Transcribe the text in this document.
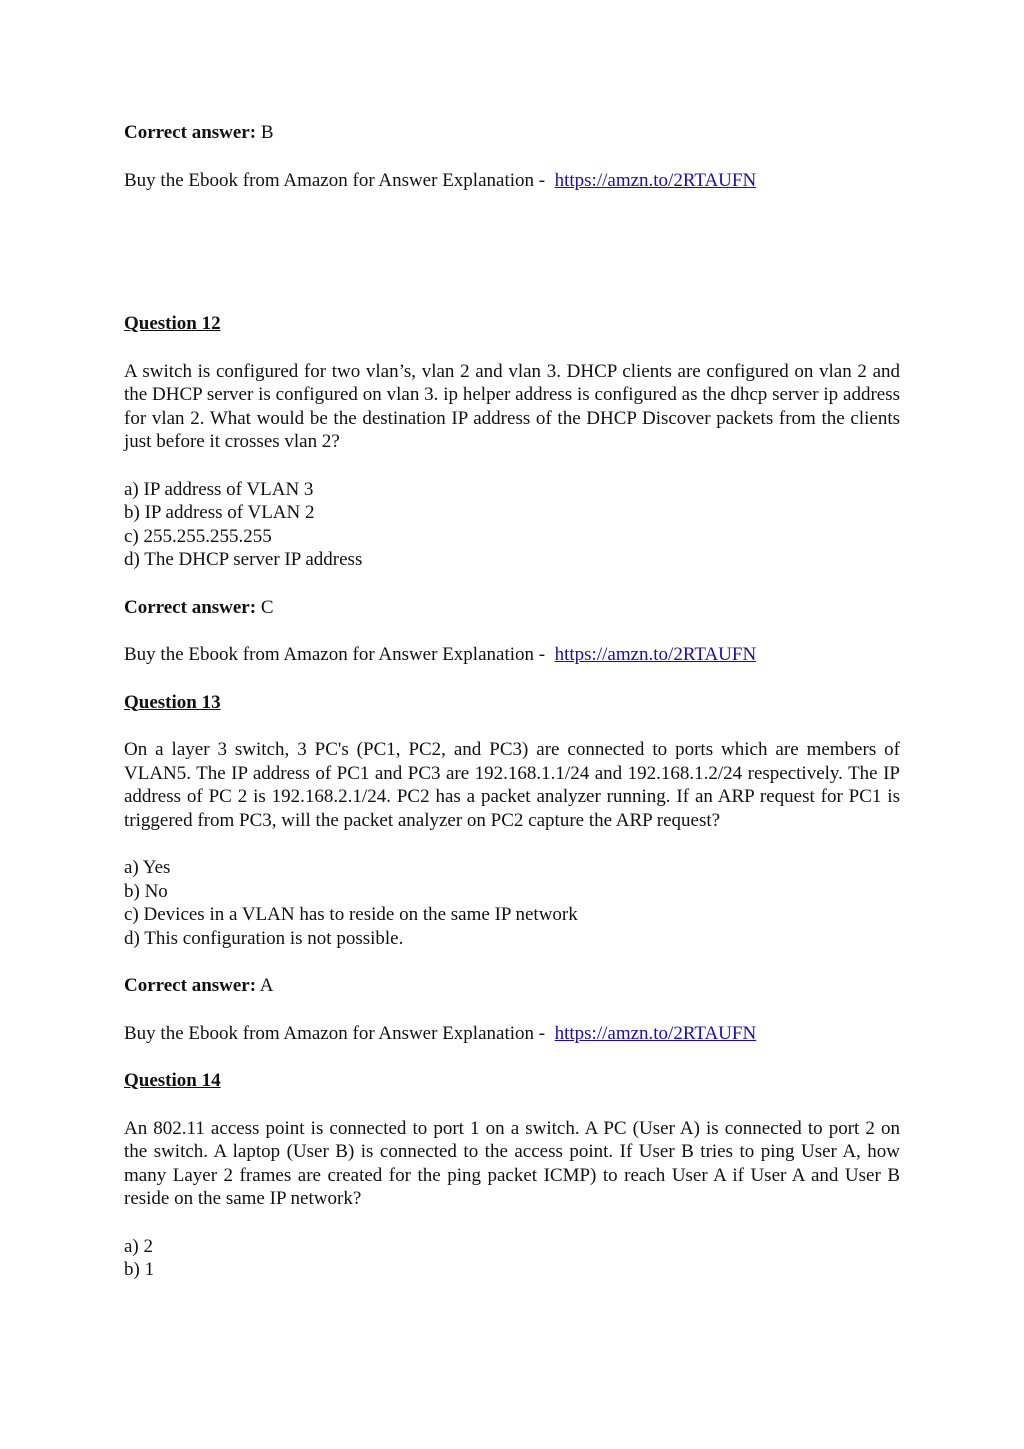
Correct answer: B

Buy the Ebook from Amazon for Answer Explanation - https://amzn.to/2RTAUFN

Question 12

A switch is configured for two vlan’s, vlan 2 and vlan 3. DHCP clients are configured on vlan 2 and the DHCP server is configured on vlan 3. ip helper address is configured as the dhcp server ip address for vlan 2. What would be the destination IP address of the DHCP Discover packets from the clients just before it crosses vlan 2?

a) IP address of VLAN 3

b) IP address of VLAN 2

c) 255.255.255.255

d) The DHCP server IP address

Correct answer: C

Buy the Ebook from Amazon for Answer Explanation - https://amzn.to/2RTAUFN

Question 13

On a layer 3 switch, 3 PC's (PC1, PC2, and PC3) are connected to ports which are members of VLAN5. The IP address of PC1 and PC3 are 192.168.1.1/24 and 192.168.1.2/24 respectively. The IP address of PC 2 is 192.168.2.1/24. PC2 has a packet analyzer running. If an ARP request for PC1 is triggered from PC3, will the packet analyzer on PC2 capture the ARP request?

a) Yes

b) No

c) Devices in a VLAN has to reside on the same IP network

d) This configuration is not possible.

Correct answer: A

Buy the Ebook from Amazon for Answer Explanation - https://amzn.to/2RTAUFN

Question 14

An 802.11 access point is connected to port 1 on a switch. A PC (User A) is connected to port 2 on the switch. A laptop (User B) is connected to the access point. If User B tries to ping User A, how many Layer 2 frames are created for the ping packet ICMP) to reach User A if User A and User B reside on the same IP network?

a) 2

b) 1
